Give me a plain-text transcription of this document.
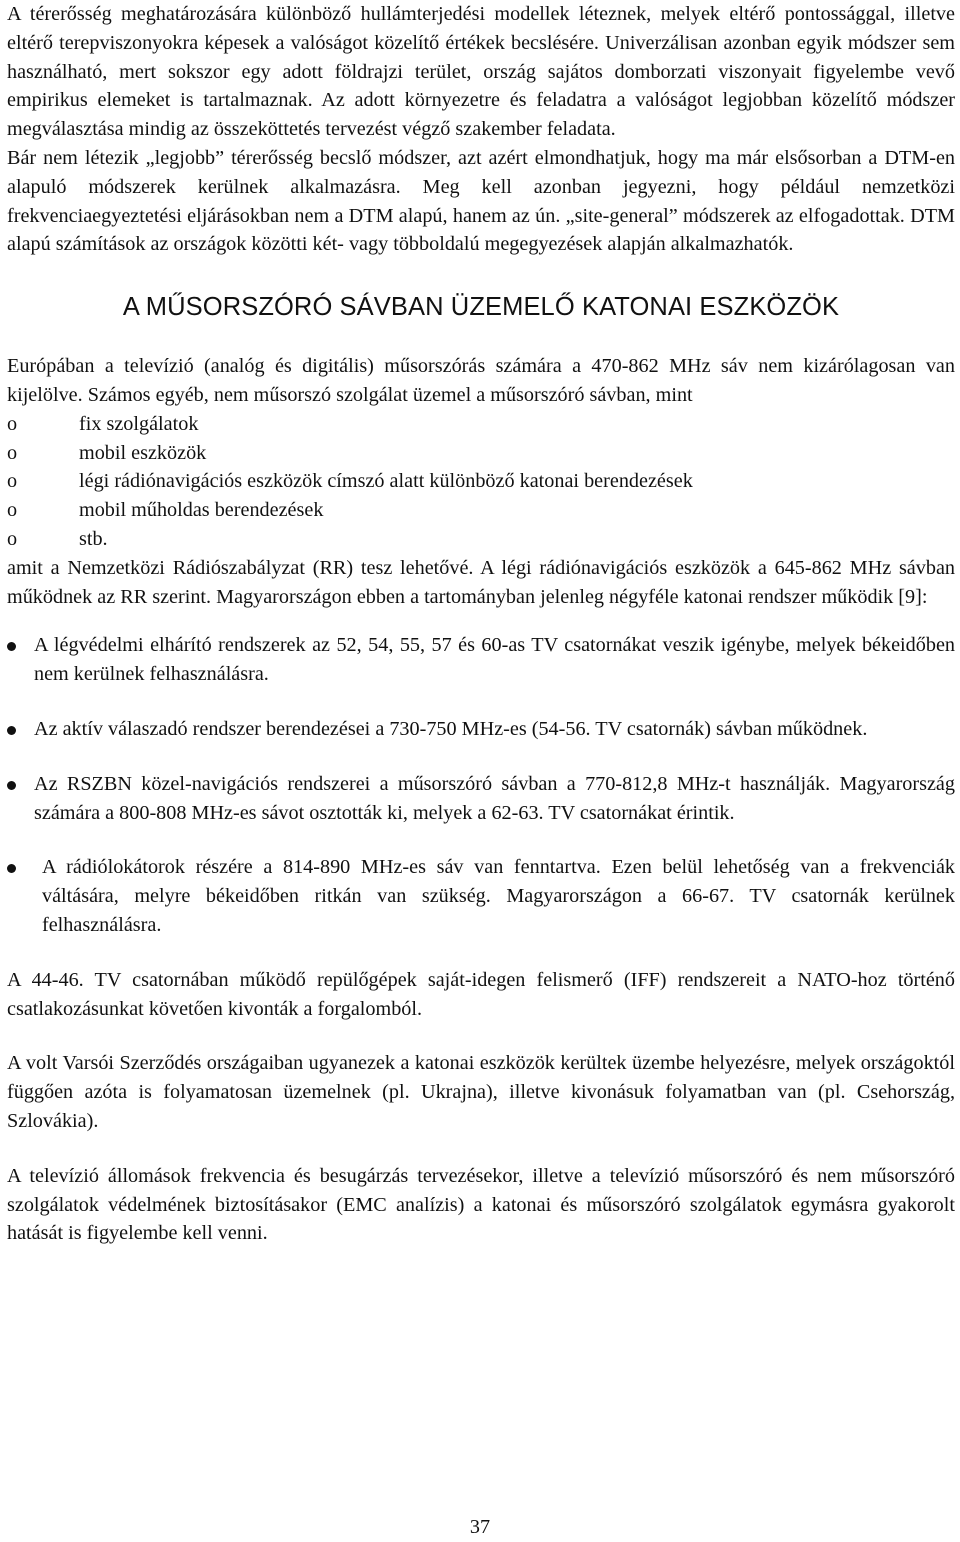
A térerősség meghatározására különböző hullámterjedési modellek léteznek, melyek eltérő pontossággal, illetve eltérő terepviszonyokra képesek a valóságot közelítő értékek becslésére. Univerzálisan azonban egyik módszer sem használható, mert sokszor egy adott földrajzi terület, ország sajátos domborzati viszonyait figyelembe vevő empirikus elemeket is tartalmaznak. Az adott környezetre és feladatra a valóságot legjobban közelítő módszer megválasztása mindig az összeköttetés tervezést végző szakember feladata.

Bár nem létezik „legjobb” térerősség becslő módszer, azt azért elmondhatjuk, hogy ma már elsősorban a DTM-en alapuló módszerek kerülnek alkalmazásra. Meg kell azonban jegyezni, hogy például nemzetközi frekvenciaegyeztetési eljárásokban nem a DTM alapú, hanem az ún. „site-general” módszerek az elfogadottak. DTM alapú számítások az országok közötti két- vagy többoldalú megegyezések alapján alkalmazhatók.

A MŰSORSZÓRÓ SÁVBAN ÜZEMELŐ KATONAI ESZKÖZÖK

Európában a televízió (analóg és digitális) műsorszórás számára a 470-862 MHz sáv nem kizárólagosan van kijelölve. Számos egyéb, nem műsorszó szolgálat üzemel a műsorszóró sávban, mint

o	fix szolgálatok
o	mobil eszközök
o	légi rádiónavigációs eszközök címszó alatt különböző katonai berendezések
o	mobil műholdas berendezések
o	stb.

amit a Nemzetközi Rádiószabályzat (RR) tesz lehetővé. A légi rádiónavigációs eszközök a 645-862 MHz sávban működnek az RR szerint. Magyarországon ebben a tartományban jelenleg négyféle katonai rendszer működik [9]:

A légvédelmi elhárító rendszerek az 52, 54, 55, 57 és 60-as TV csatornákat veszik igénybe, melyek békeidőben nem kerülnek felhasználásra.
Az aktív válaszadó rendszer berendezései a 730-750 MHz-es (54-56. TV csatornák) sávban működnek.
Az RSZBN közel-navigációs rendszerei a műsorszóró sávban a 770-812,8 MHz-t használják. Magyarország számára a 800-808 MHz-es sávot osztották ki, melyek a 62-63. TV csatornákat érintik.
A rádiólokátorok részére a 814-890 MHz-es sáv van fenntartva. Ezen belül lehetőség van a frekvenciák váltására, melyre békeidőben ritkán van szükség. Magyarországon a 66-67. TV csatornák kerülnek felhasználásra.

A 44-46. TV csatornában működő repülőgépek saját-idegen felismerő (IFF) rendszereit a NATO-hoz történő csatlakozásunkat követően kivonták a forgalomból.

A volt Varsói Szerződés országaiban ugyanezek a katonai eszközök kerültek üzembe helyezésre, melyek országoktól függően azóta is folyamatosan üzemelnek (pl. Ukrajna), illetve kivonásuk folyamatban van (pl. Csehország, Szlovákia).

A televízió állomások frekvencia és besugárzás tervezésekor, illetve a televízió műsorszóró és nem műsorszóró szolgálatok védelmének biztosításakor (EMC analízis) a katonai és műsorszóró szolgálatok egymásra gyakorolt hatását is figyelembe kell venni.

37
